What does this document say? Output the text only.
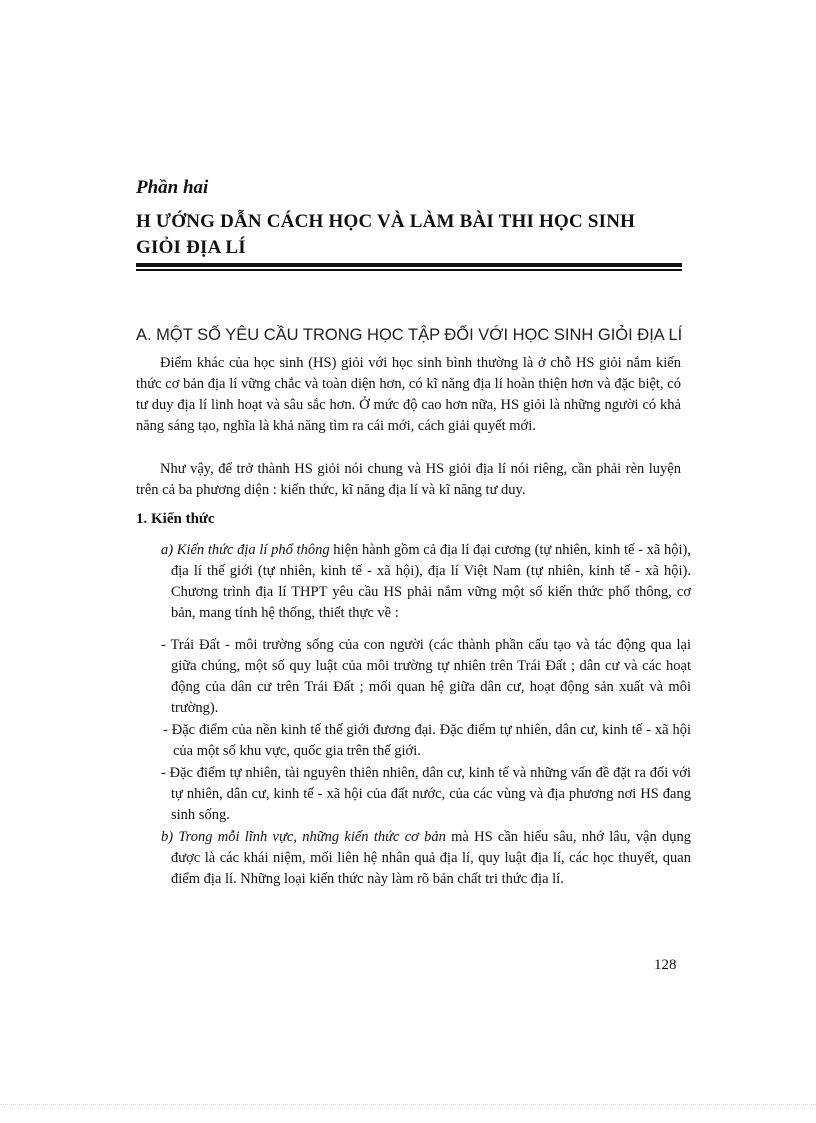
Phần hai
H ƯỚNG DẪN CÁCH HỌC VÀ LÀM BÀI THI HỌC SINH GIỎI ĐỊA LÍ
A. MỘT SỐ YÊU CẦU TRONG HỌC TẬP ĐỐI VỚI HỌC SINH GIỎI ĐỊA LÍ

Điểm khác của học sinh (HS) giỏi với học sinh bình thường là ở chỗ HS giỏi nắm kiến thức cơ bản địa lí vững chắc và toàn diện hơn, có kĩ năng địa lí hoàn thiện hơn và đặc biệt, có tư duy địa lí linh hoạt và sâu sắc hơn. Ở mức độ cao hơn nữa, HS giỏi là những người có khả năng sáng tạo, nghĩa là khả năng tìm ra cái mới, cách giải quyết mới.

Như vậy, để trở thành HS giỏi nói chung và HS giỏi địa lí nói riêng, cần phải rèn luyện trên cả ba phương diện : kiến thức, kĩ năng địa lí và kĩ năng tư duy.

1. Kiến thức

a) Kiến thức địa lí phổ thông hiện hành gồm cả địa lí đại cương (tự nhiên, kinh tế - xã hội), địa lí thế giới (tự nhiên, kinh tế - xã hội), địa lí Việt Nam (tự nhiên, kinh tế - xã hội). Chương trình địa lí THPT yêu cầu HS phải nắm vững một số kiến thức phổ thông, cơ bản, mang tính hệ thống, thiết thực về :

- Trái Đất - môi trường sống của con người (các thành phần cấu tạo và tác động qua lại giữa chúng, một số quy luật của môi trường tự nhiên trên Trái Đất ; dân cư và các hoạt động của dân cư trên Trái Đất ; mối quan hệ giữa dân cư, hoạt động sản xuất và môi trường).

- Đặc điểm của nền kinh tế thế giới đương đại. Đặc điểm tự nhiên, dân cư, kinh tế - xã hội của một số khu vực, quốc gia trên thế giới.

- Đặc điểm tự nhiên, tài nguyên thiên nhiên, dân cư, kinh tế và những vấn đề đặt ra đối với tự nhiên, dân cư, kinh tế - xã hội của đất nước, của các vùng và địa phương nơi HS đang sinh sống.

b) Trong mỗi lĩnh vực, những kiến thức cơ bản mà HS cần hiểu sâu, nhớ lâu, vận dụng được là các khái niệm, mối liên hệ nhân quả địa lí, quy luật địa lí, các học thuyết, quan điểm địa lí. Những loại kiến thức này làm rõ bản chất tri thức địa lí.

128
